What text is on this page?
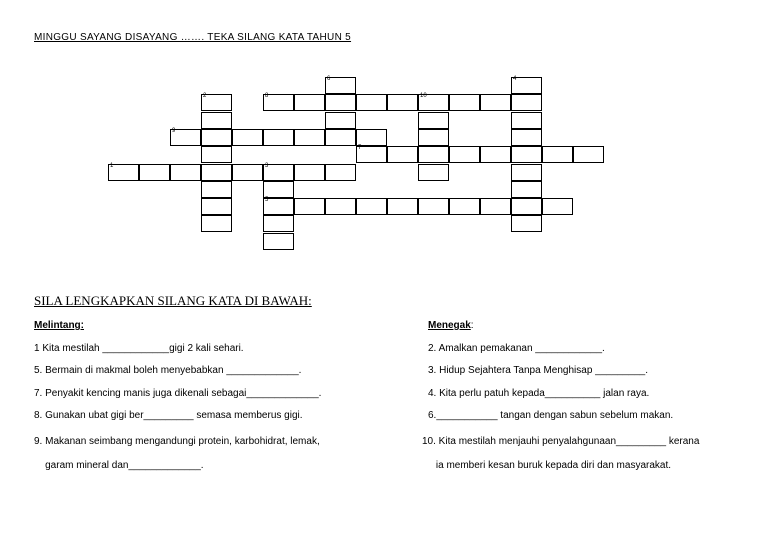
MINGGU SAYANG DISAYANG ……. TEKA SILANG KATA TAHUN 5
8	10
2
6	4
9
7
1	3
5
SILA LENGKAPKAN SILANG KATA DI BAWAH:
Melintang:
1 Kita mestilah ____________gigi 2 kali sehari.
5. Bermain di makmal boleh menyebabkan _____________.
7. Penyakit kencing manis juga dikenali sebagai_____________.
8. Gunakan ubat gigi ber_________ semasa memberus gigi.
9. Makanan seimbang mengandungi protein, karbohidrat, lemak,
garam mineral dan_____________.
Menegak:
2. Amalkan pemakanan ____________.
3. Hidup Sejahtera Tanpa Menghisap _________.
4. Kita perlu patuh kepada__________ jalan raya.
6.___________ tangan dengan sabun sebelum makan.
10. Kita mestilah menjauhi penyalahgunaan_________ kerana
ia memberi kesan buruk kepada diri dan masyarakat.
